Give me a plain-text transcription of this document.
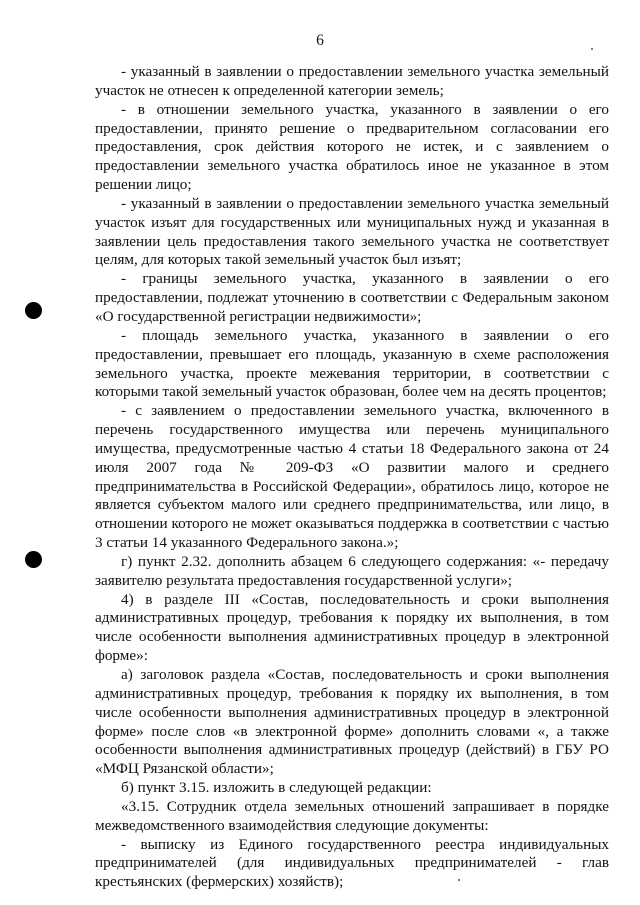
6

- указанный в заявлении о предоставлении земельного участка земельный участок не отнесен к определенной категории земель;

- в отношении земельного участка, указанного в заявлении о его предоставлении, принято решение о предварительном согласовании его предоставления, срок действия которого не истек, и с заявлением о предоставлении земельного участка обратилось иное не указанное в этом решении лицо;

- указанный в заявлении о предоставлении земельного участка земельный участок изъят для государственных или муниципальных нужд и указанная в заявлении цель предоставления такого земельного участка не соответствует целям, для которых такой земельный участок был изъят;

- границы земельного участка, указанного в заявлении о его предоставлении, подлежат уточнению в соответствии с Федеральным законом «О государственной регистрации недвижимости»;

- площадь земельного участка, указанного в заявлении о его предоставлении, превышает его площадь, указанную в схеме расположения земельного участка, проекте межевания территории, в соответствии с которыми такой земельный участок образован, более чем на десять процентов;

- с заявлением о предоставлении земельного участка, включенного в перечень государственного имущества или перечень муниципального имущества, предусмотренные частью 4 статьи 18 Федерального закона от 24 июля 2007 года № 209-ФЗ «О развитии малого и среднего предпринимательства в Российской Федерации», обратилось лицо, которое не является субъектом малого или среднего предпринимательства, или лицо, в отношении которого не может оказываться поддержка в соответствии с частью 3 статьи 14 указанного Федерального закона.»;

г) пункт 2.32. дополнить абзацем 6 следующего содержания: «- передачу заявителю результата предоставления государственной услуги»;

4) в разделе III «Состав, последовательность и сроки выполнения административных процедур, требования к порядку их выполнения, в том числе особенности выполнения административных процедур в электронной форме»:

а) заголовок раздела «Состав, последовательность и сроки выполнения административных процедур, требования к порядку их выполнения, в том числе особенности выполнения административных процедур в электронной форме» после слов «в электронной форме» дополнить словами «, а также особенности выполнения административных процедур (действий) в ГБУ РО «МФЦ Рязанской области»;

б) пункт 3.15. изложить в следующей редакции:

«3.15. Сотрудник отдела земельных отношений запрашивает в порядке межведомственного взаимодействия следующие документы:

- выписку из Единого государственного реестра индивидуальных предпринимателей (для индивидуальных предпринимателей - глав крестьянских (фермерских) хозяйств);
